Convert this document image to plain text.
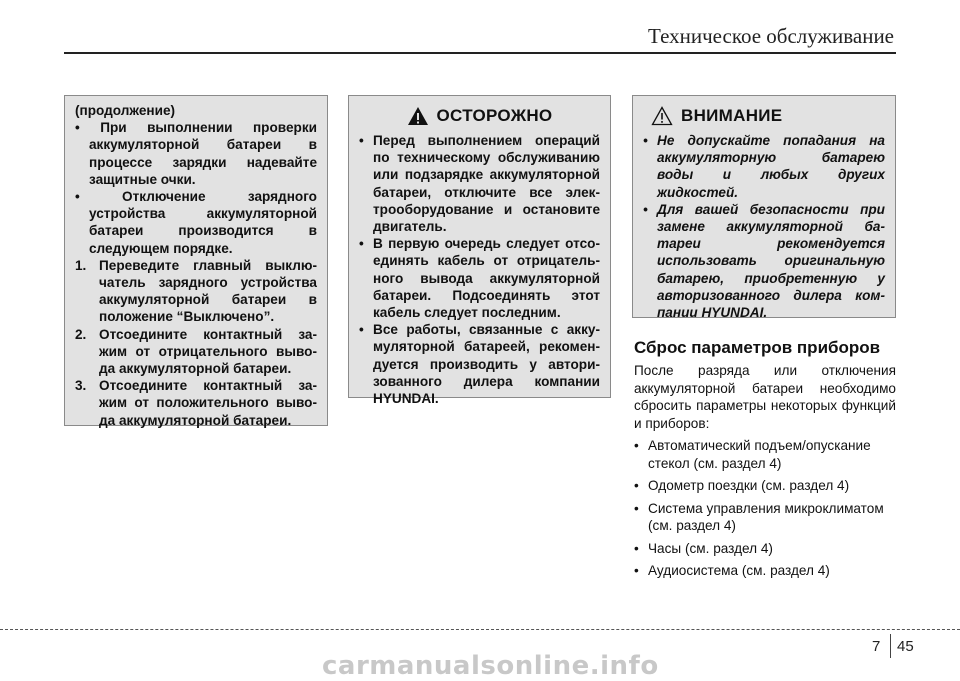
Техническое обслуживание

(продолжение)

• При выполнении проверки
аккумуляторной батареи в
процессе зарядки надевайте
защитные очки.
• Отключение зарядного
устройства аккумуляторной
батареи производится в
следующем порядке.
1. Переведите главный выклю-
чатель зарядного устройства
аккумуляторной батареи в
положение “Выключено”.
2. Отсоедините контактный за-
жим от отрицательного выво-
да аккумуляторной батареи.
3. Отсоедините контактный за-
жим от положительного выво-
да аккумуляторной батареи.
ОСТОРОЖНО
• Перед выполнением операций
по техническому обслуживанию
или подзарядке аккумуляторной
батареи, отключите все элек-
трооборудование и остановите
двигатель.
• В первую очередь следует отсо-
единять кабель от отрицатель-
ного вывода аккумуляторной
батареи. Подсоединять этот
кабель следует последним.
• Все работы, связанные с акку-
муляторной батареей, рекомен-
дуется производить у автори-
зованного дилера компании
HYUNDAI.
ВНИМАНИЕ
• Не допускайте попадания на
аккумуляторную батарею
воды и любых других
жидкостей.
• Для вашей безопасности при
замене аккумуляторной ба-
тареи рекомендуется
использовать оригинальную
батарею, приобретенную у
авторизованного дилера ком-
пании HYUNDAI.
Сброс параметров приборов

После разряда или отключения аккумуляторной батареи необходимо сбросить параметры некоторых функций и приборов:

• Автоматический подъем/опускание стекол (см. раздел 4)
• Одометр поездки (см. раздел 4)
• Система управления микроклиматом (см. раздел 4)
• Часы (см. раздел 4)
• Аудиосистема (см. раздел 4)
7 45
carmanualsonline.info
